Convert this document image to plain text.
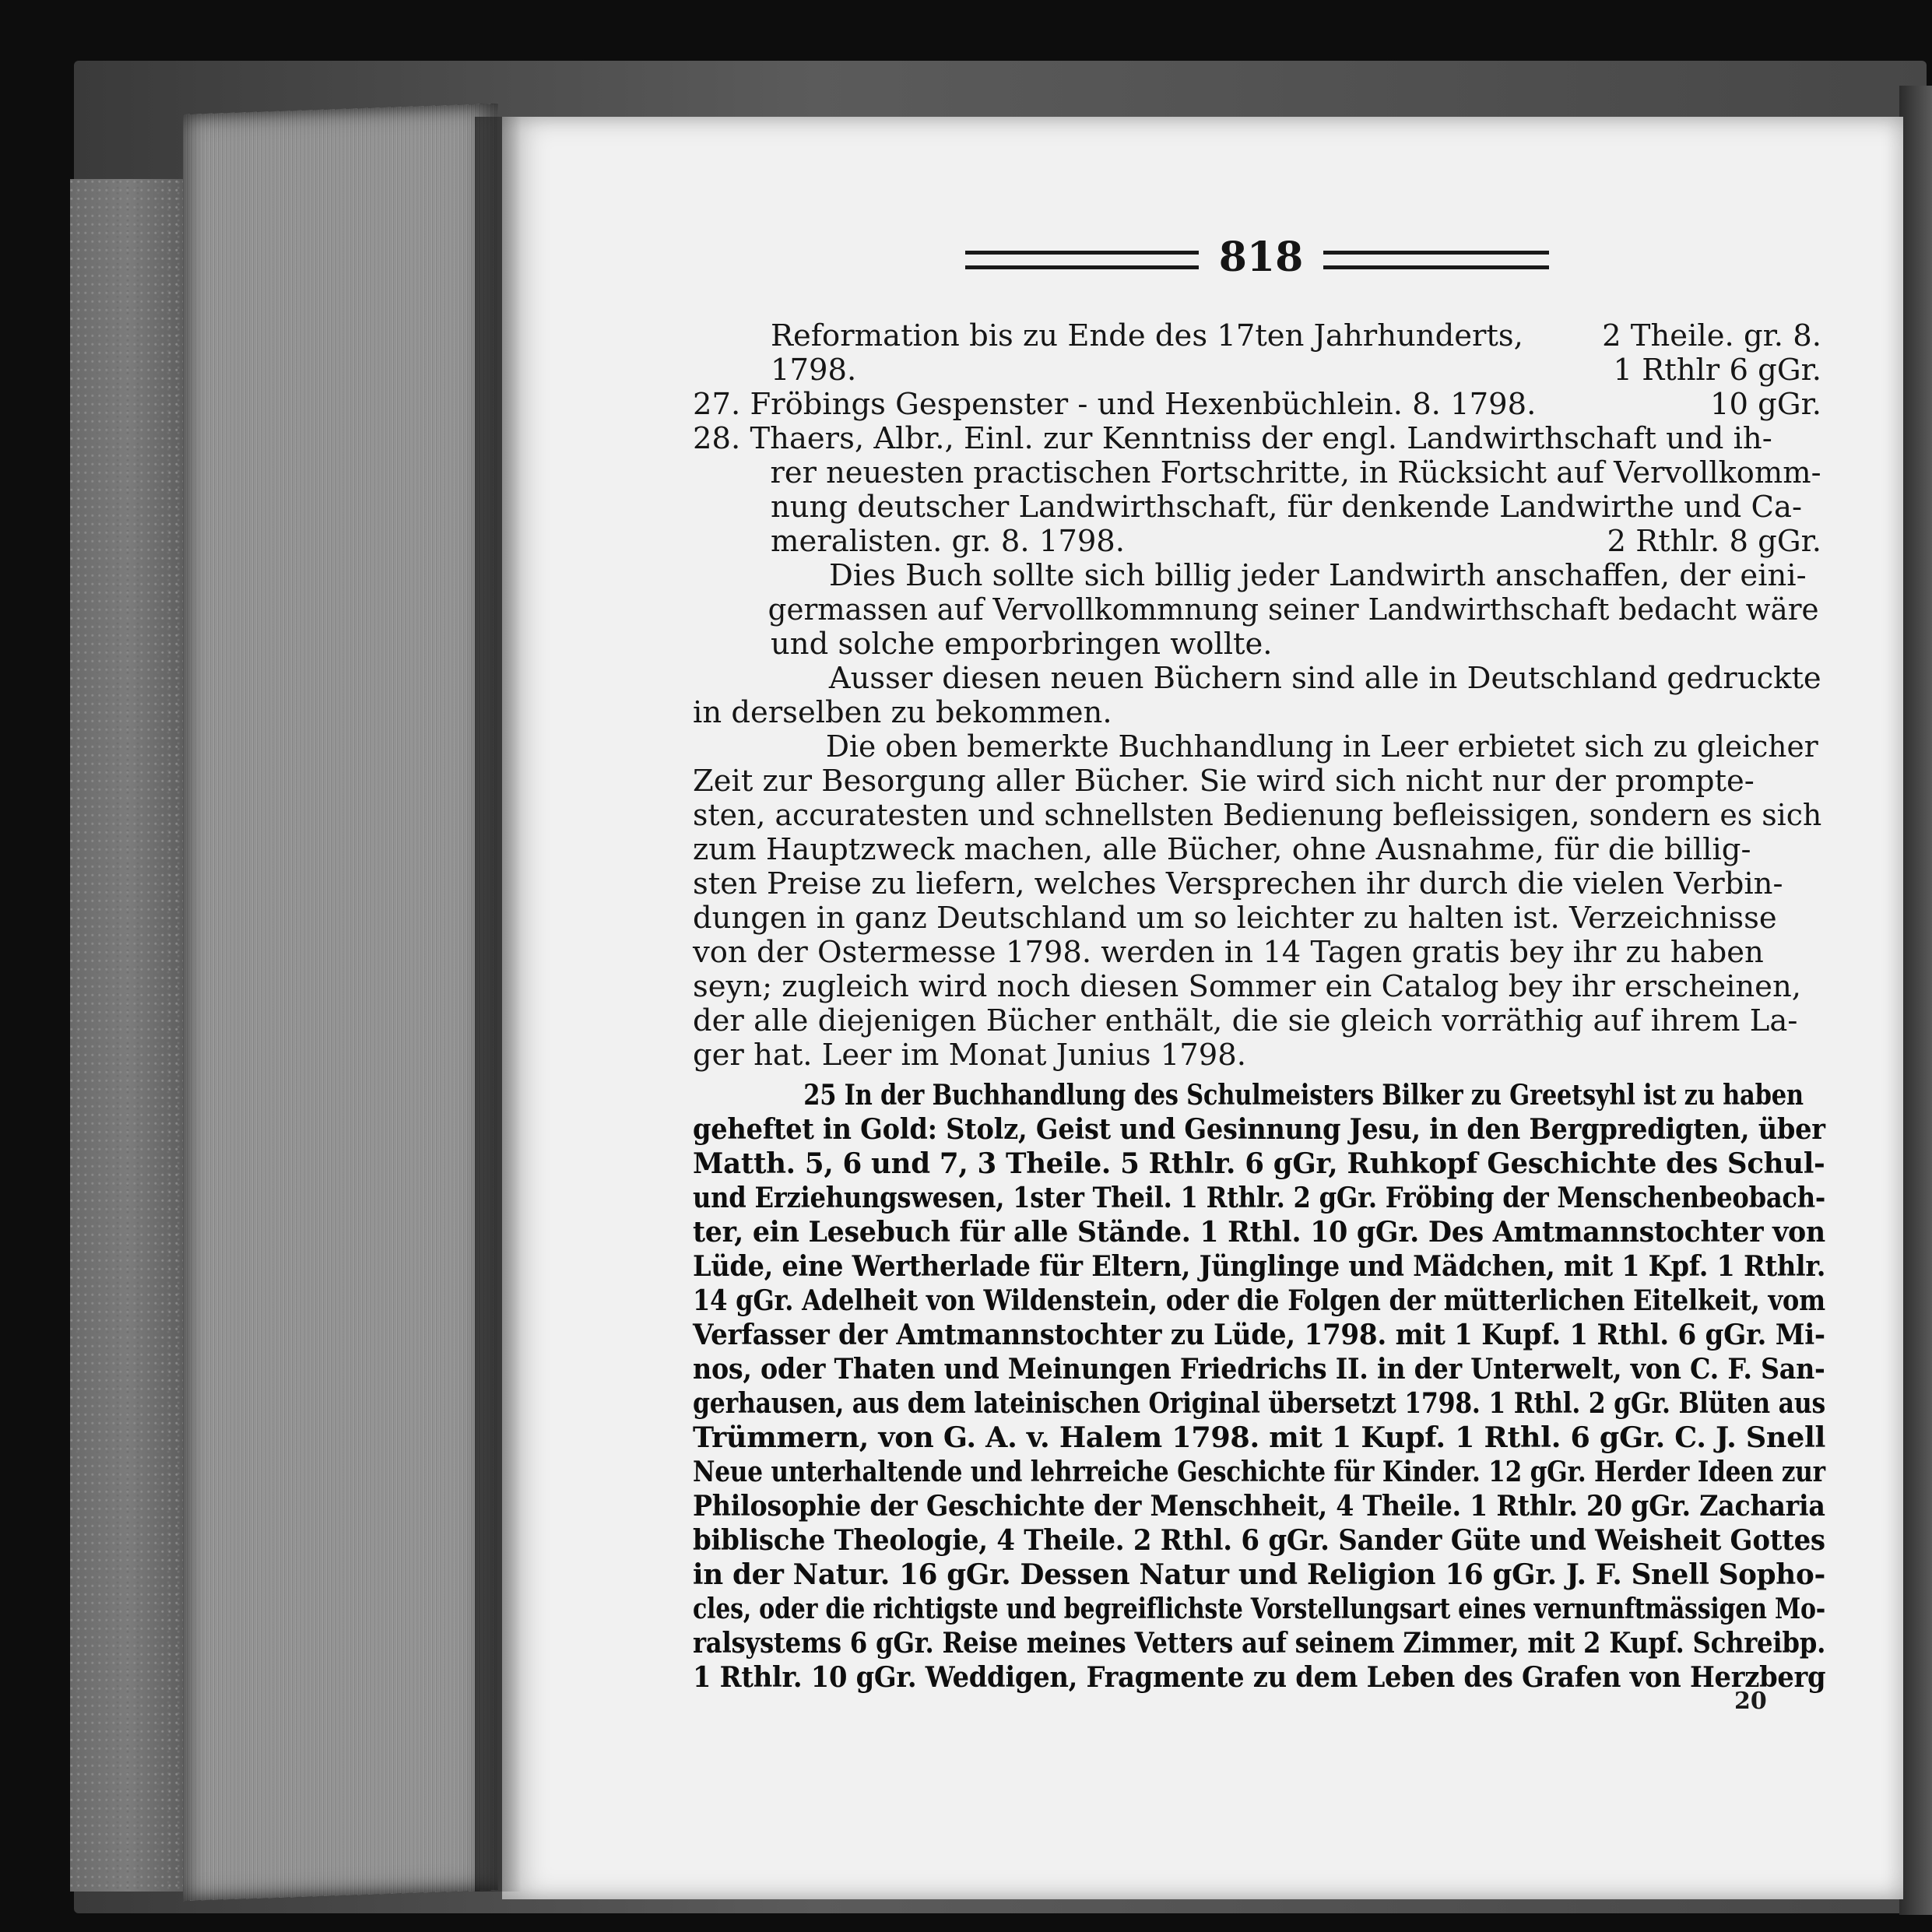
818
Reformation bis zu Ende des 17ten Jahrhunderts,	2 Theile. gr. 8.
1798.	1 Rthlr 6 gGr.
27. Fröbings Gespenster - und Hexenbüchlein. 8. 1798.	10 gGr.
28. Thaers, Albr., Einl. zur Kenntniss der engl. Landwirthschaft und ih-
rer neuesten practischen Fortschritte, in Rücksicht auf Vervollkomm-
nung deutscher Landwirthschaft, für denkende Landwirthe und Ca-
meralisten. gr. 8. 1798.	2 Rthlr. 8 gGr.
Dies Buch sollte sich billig jeder Landwirth anschaffen, der eini-
germassen auf Vervollkommnung seiner Landwirthschaft bedacht wäre
und solche emporbringen wollte.
Ausser diesen neuen Büchern sind alle in Deutschland gedruckte
in derselben zu bekommen.
Die oben bemerkte Buchhandlung in Leer erbietet sich zu gleicher
Zeit zur Besorgung aller Bücher. Sie wird sich nicht nur der prompte-
sten, accuratesten und schnellsten Bedienung befleissigen, sondern es sich
zum Hauptzweck machen, alle Bücher, ohne Ausnahme, für die billig-
sten Preise zu liefern, welches Versprechen ihr durch die vielen Verbin-
dungen in ganz Deutschland um so leichter zu halten ist. Verzeichnisse
von der Ostermesse 1798. werden in 14 Tagen gratis bey ihr zu haben
seyn; zugleich wird noch diesen Sommer ein Catalog bey ihr erscheinen,
der alle diejenigen Bücher enthält, die sie gleich vorräthig auf ihrem La-
ger hat. Leer im Monat Junius 1798.
25 In der Buchhandlung des Schulmeisters Bilker zu Greetsyhl ist zu haben
geheftet in Gold: Stolz, Geist und Gesinnung Jesu, in den Bergpredigten, über
Matth. 5, 6 und 7, 3 Theile. 5 Rthlr. 6 gGr, Ruhkopf Geschichte des Schul-
und Erziehungswesen, 1ster Theil. 1 Rthlr. 2 gGr. Fröbing der Menschenbeobach-
ter, ein Lesebuch für alle Stände. 1 Rthl. 10 gGr. Des Amtmannstochter von
Lüde, eine Wertherlade für Eltern, Jünglinge und Mädchen, mit 1 Kpf. 1 Rthlr.
14 gGr. Adelheit von Wildenstein, oder die Folgen der mütterlichen Eitelkeit, vom
Verfasser der Amtmannstochter zu Lüde, 1798. mit 1 Kupf. 1 Rthl. 6 gGr. Mi-
nos, oder Thaten und Meinungen Friedrichs II. in der Unterwelt, von C. F. San-
gerhausen, aus dem lateinischen Original übersetzt 1798. 1 Rthl. 2 gGr. Blüten aus
Trümmern, von G. A. v. Halem 1798. mit 1 Kupf. 1 Rthl. 6 gGr. C. J. Snell
Neue unterhaltende und lehrreiche Geschichte für Kinder. 12 gGr. Herder Ideen zur
Philosophie der Geschichte der Menschheit, 4 Theile. 1 Rthlr. 20 gGr. Zacharia
biblische Theologie, 4 Theile. 2 Rthl. 6 gGr. Sander Güte und Weisheit Gottes
in der Natur. 16 gGr. Dessen Natur und Religion 16 gGr. J. F. Snell Sopho-
cles, oder die richtigste und begreiflichste Vorstellungsart eines vernunftmässigen Mo-
ralsystems 6 gGr. Reise meines Vetters auf seinem Zimmer, mit 2 Kupf. Schreibp.
1 Rthlr. 10 gGr. Weddigen, Fragmente zu dem Leben des Grafen von Herzberg
20
